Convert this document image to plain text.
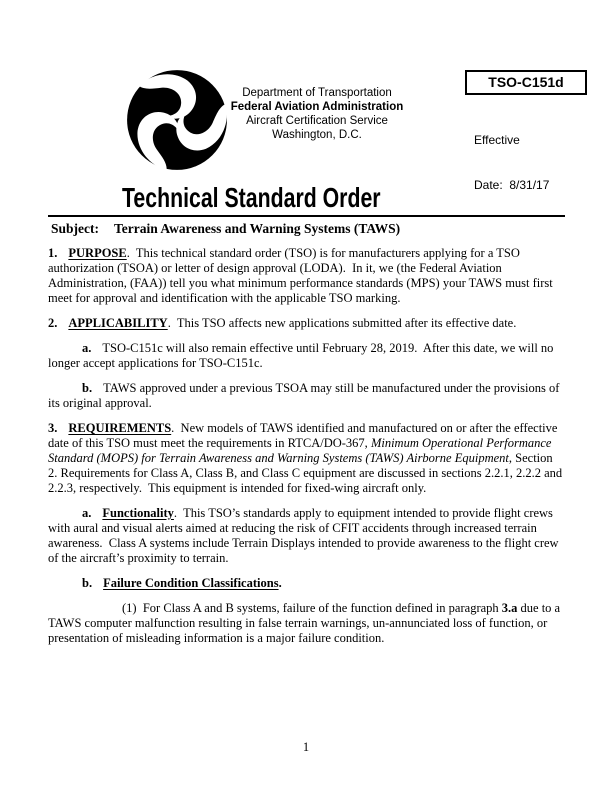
Department of Transportation
Federal Aviation Administration
Aircraft Certification Service
Washington, D.C.
TSO-C151d

Effective

Date:  8/31/17

Technical Standard Order
Subject: Terrain Awareness and Warning Systems (TAWS)

1. PURPOSE.  This technical standard order (TSO) is for manufacturers applying for a TSO authorization (TSOA) or letter of design approval (LODA).  In it, we (the Federal Aviation Administration, (FAA)) tell you what minimum performance standards (MPS) your TAWS must first meet for approval and identification with the applicable TSO marking.

2. APPLICABILITY.  This TSO affects new applications submitted after its effective date.

a. TSO-C151c will also remain effective until February 28, 2019.  After this date, we will no longer accept applications for TSO-C151c.

b. TAWS approved under a previous TSOA may still be manufactured under the provisions of its original approval.

3. REQUIREMENTS.  New models of TAWS identified and manufactured on or after the effective date of this TSO must meet the requirements in RTCA/DO-367, Minimum Operational Performance Standard (MOPS) for Terrain Awareness and Warning Systems (TAWS) Airborne Equipment, Section 2. Requirements for Class A, Class B, and Class C equipment are discussed in sections 2.2.1, 2.2.2 and 2.2.3, respectively.  This equipment is intended for fixed-wing aircraft only.

a. Functionality.  This TSO’s standards apply to equipment intended to provide flight crews with aural and visual alerts aimed at reducing the risk of CFIT accidents through increased terrain awareness.  Class A systems include Terrain Displays intended to provide awareness to the flight crew of the aircraft’s proximity to terrain.

b. Failure Condition Classifications.

(1)  For Class A and B systems, failure of the function defined in paragraph 3.a due to a TAWS computer malfunction resulting in false terrain warnings, un-annunciated loss of function, or presentation of misleading information is a major failure condition.

1
